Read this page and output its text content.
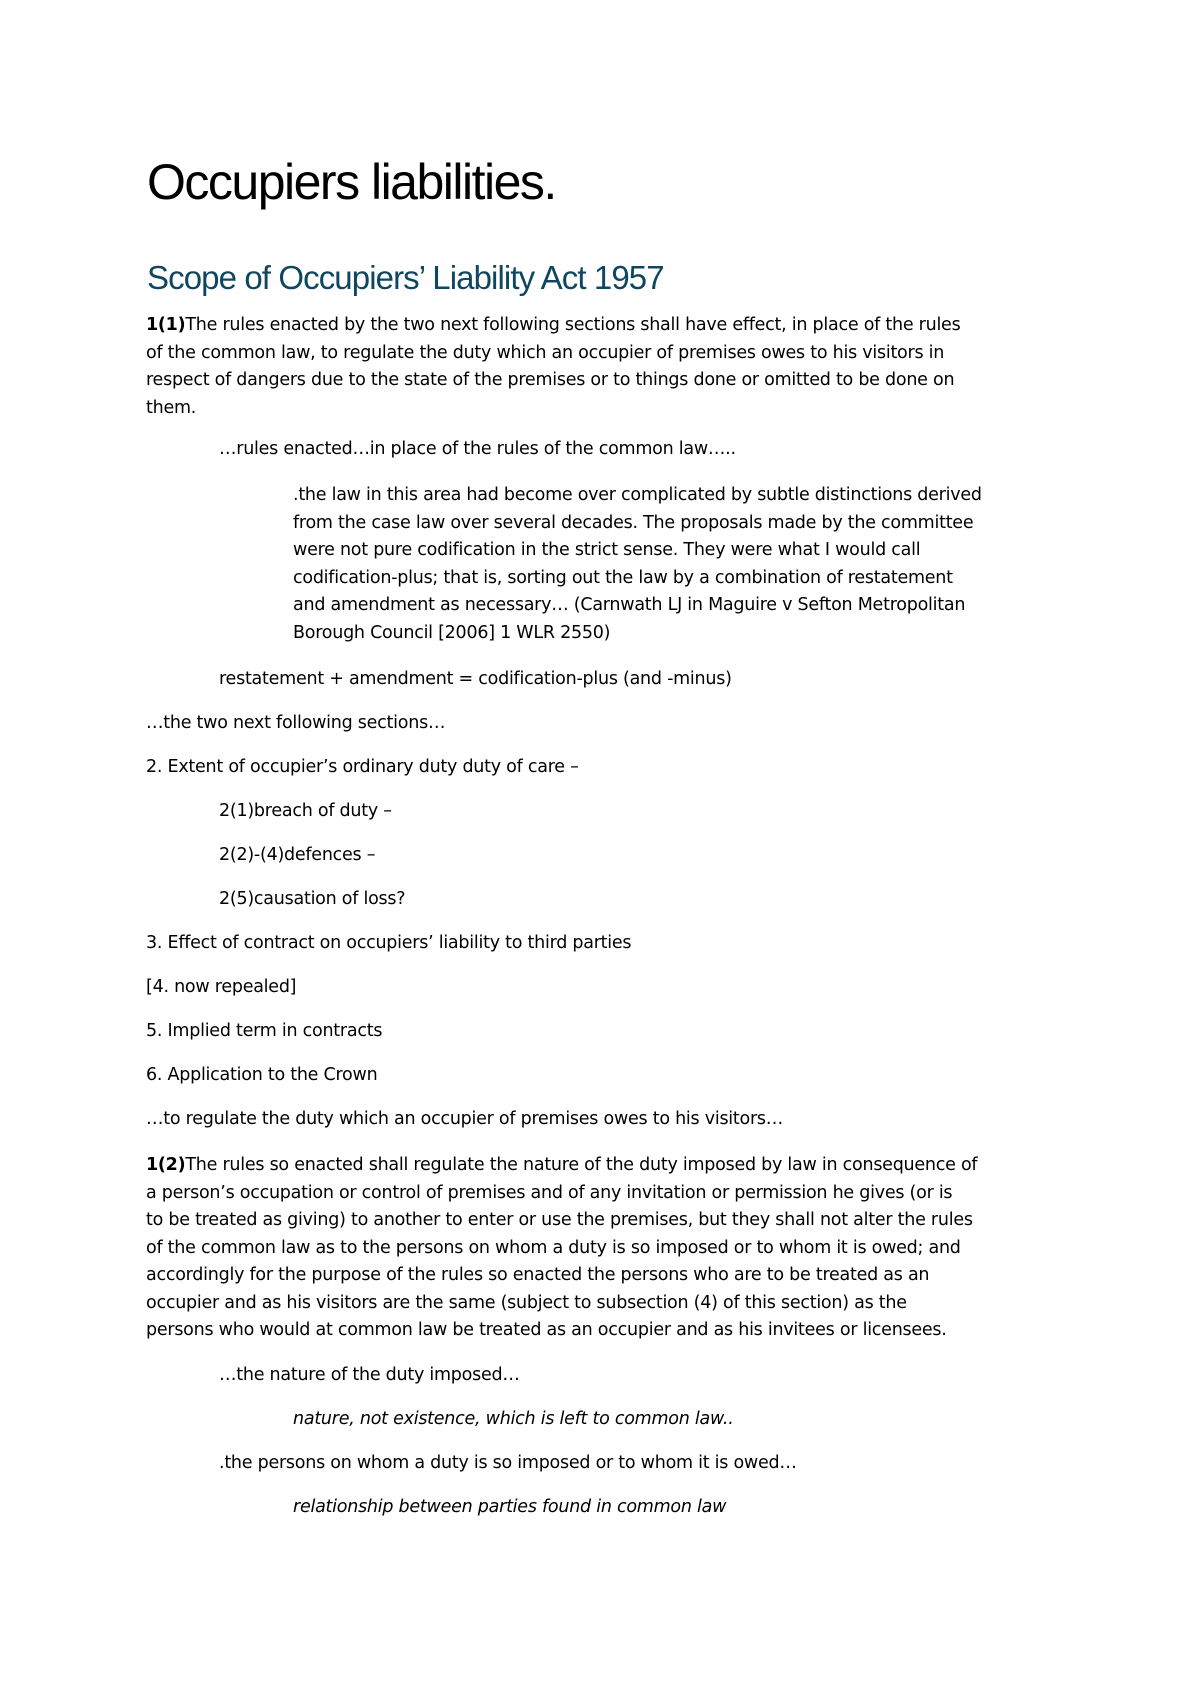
Occupiers liabilities.
Scope of Occupiers’ Liability Act 1957
1(1)The rules enacted by the two next following sections shall have effect, in place of the rules
of the common law, to regulate the duty which an occupier of premises owes to his visitors in
respect of dangers due to the state of the premises or to things done or omitted to be done on
them.
…rules enacted…in place of the rules of the common law…..
.the law in this area had become over complicated by subtle distinctions derived
from the case law over several decades. The proposals made by the committee
were not pure codification in the strict sense. They were what I would call
codification-plus; that is, sorting out the law by a combination of restatement
and amendment as necessary… (Carnwath LJ in Maguire v Sefton Metropolitan
Borough Council [2006] 1 WLR 2550)
restatement + amendment = codification-plus (and -minus)
…the two next following sections…
2. Extent of occupier’s ordinary duty duty of care –
2(1)breach of duty –
2(2)-(4)defences –
2(5)causation of loss?
3. Effect of contract on occupiers’ liability to third parties
[4. now repealed]
5. Implied term in contracts
6. Application to the Crown
…to regulate the duty which an occupier of premises owes to his visitors…
1(2)The rules so enacted shall regulate the nature of the duty imposed by law in consequence of
a person’s occupation or control of premises and of any invitation or permission he gives (or is
to be treated as giving) to another to enter or use the premises, but they shall not alter the rules
of the common law as to the persons on whom a duty is so imposed or to whom it is owed; and
accordingly for the purpose of the rules so enacted the persons who are to be treated as an
occupier and as his visitors are the same (subject to subsection (4) of this section) as the
persons who would at common law be treated as an occupier and as his invitees or licensees.
…the nature of the duty imposed…
nature, not existence, which is left to common law..
.the persons on whom a duty is so imposed or to whom it is owed…
relationship between parties found in common law
